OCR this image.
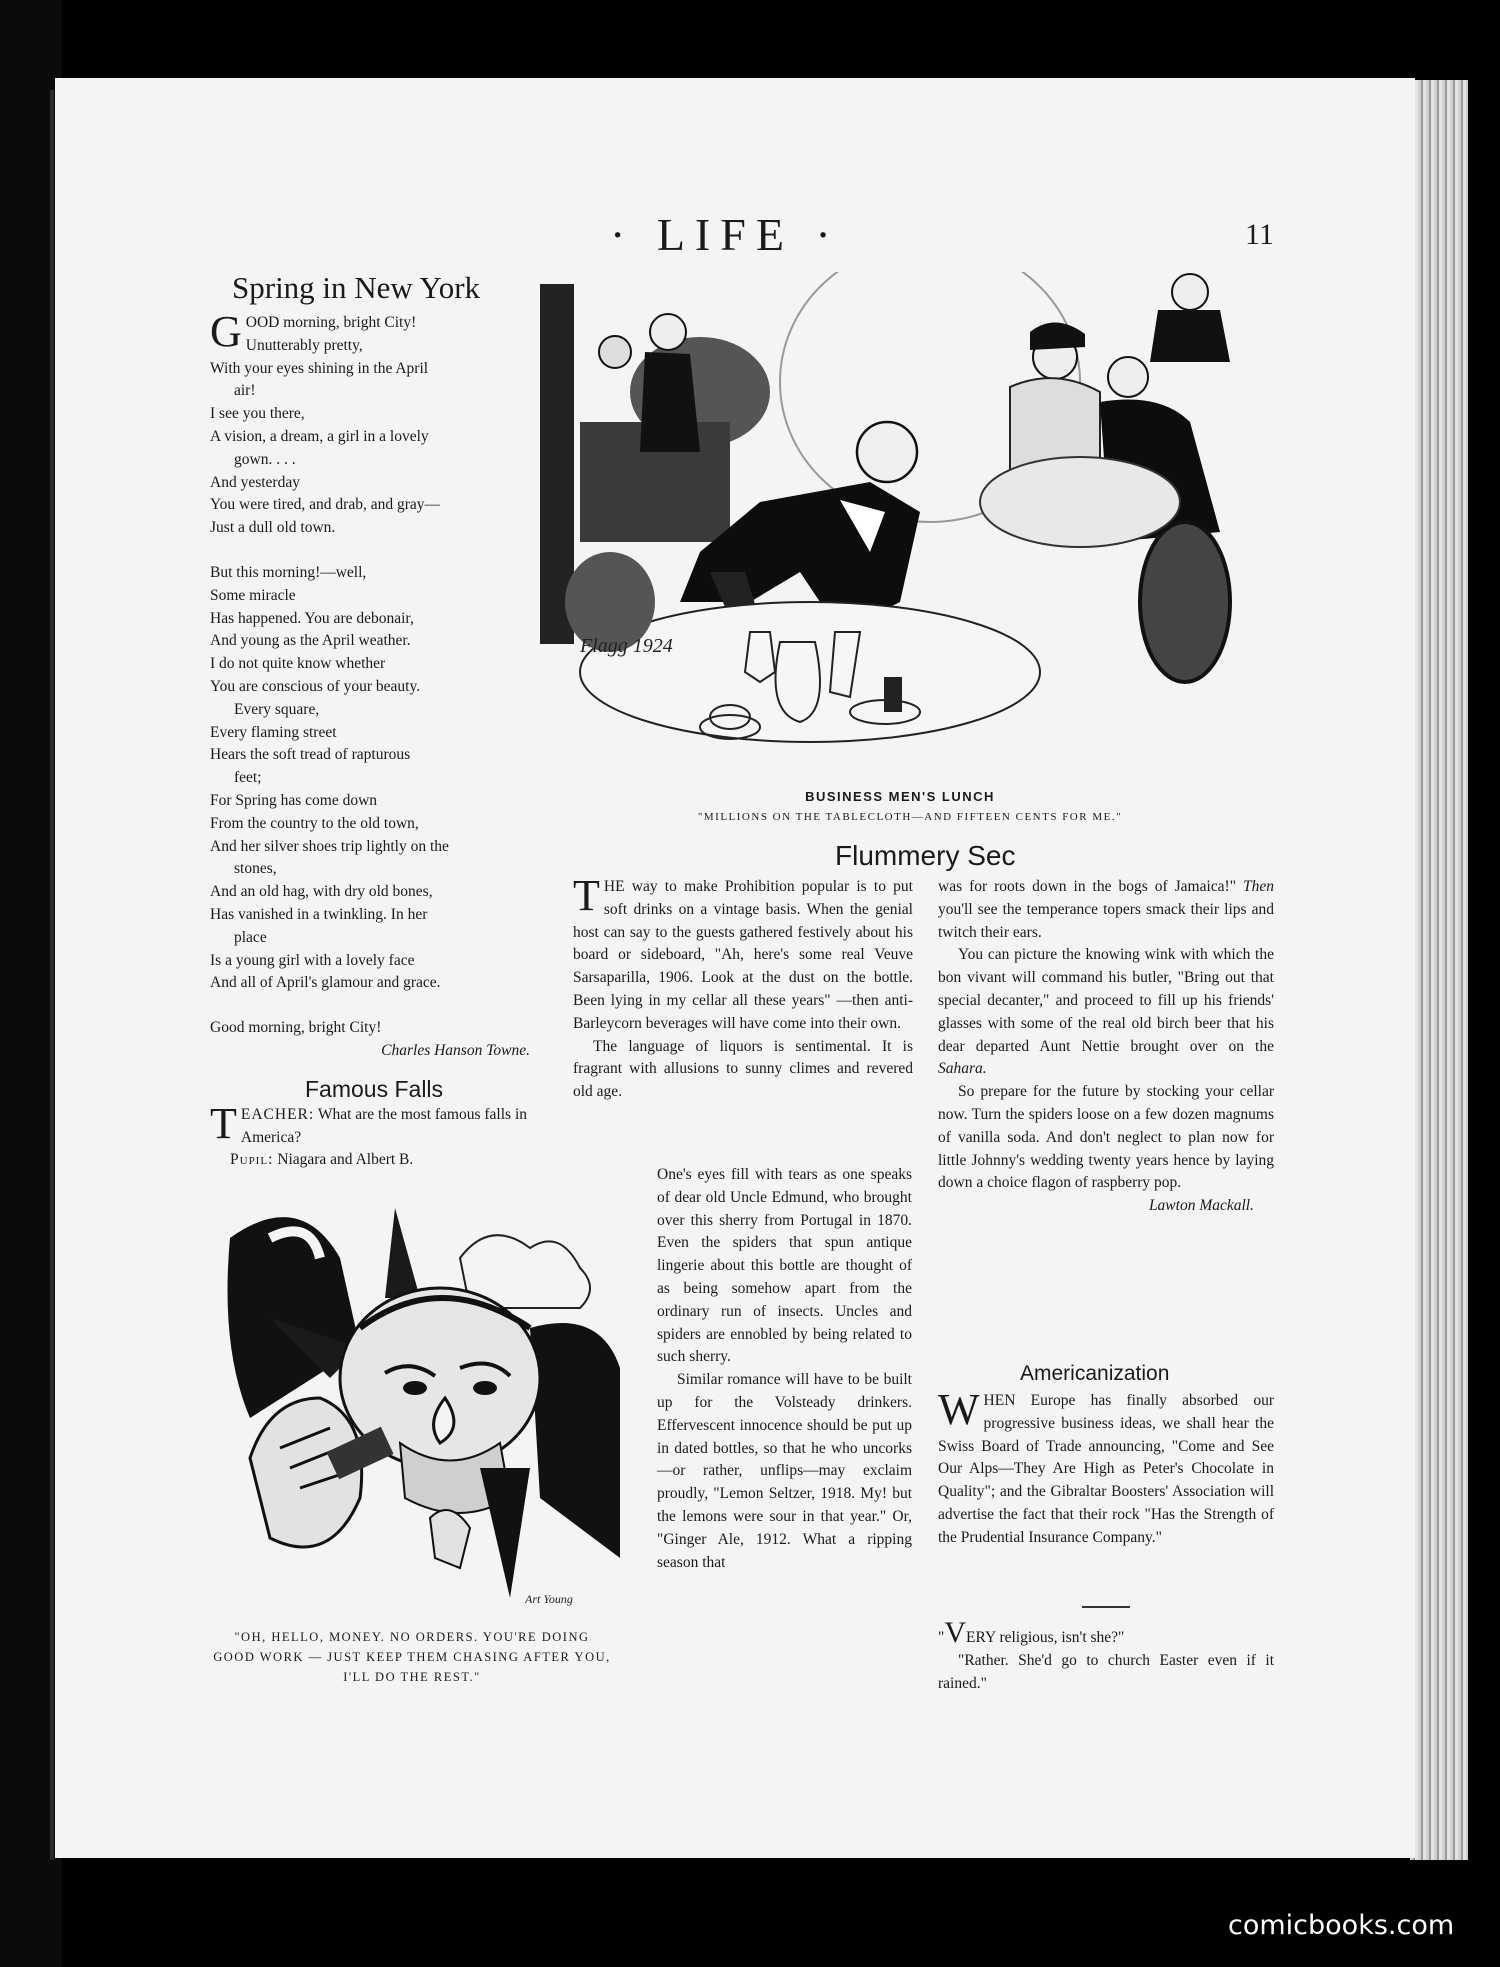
· LIFE ·	11
Spring in New York
G OOD morning, bright City!
Unutterably pretty,
With your eyes shining in the April
air!
I see you there,
A vision, a dream, a girl in a lovely
gown. . . .
And yesterday
You were tired, and drab, and gray—
Just a dull old town.
But this morning!—well,
Some miracle
Has happened. You are debonair,
And young as the April weather.
I do not quite know whether
You are conscious of your beauty.
Every square,
Every flaming street
Hears the soft tread of rapturous
feet;
For Spring has come down
From the country to the old town,
And her silver shoes trip lightly on the
stones,
And an old hag, with dry old bones,
Has vanished in a twinkling. In her
place
Is a young girl with a lovely face
And all of April's glamour and grace.
Good morning, bright City!
Charles Hanson Towne.
Famous Falls
T EACHER: What are the most famous falls in America?
Pupil: Niagara and Albert B.
Flagg 1924
BUSINESS MEN'S LUNCH
"MILLIONS ON THE TABLECLOTH—AND FIFTEEN CENTS FOR ME."
Art Young
"OH, HELLO, MONEY. NO ORDERS. YOU'RE DOING GOOD WORK — JUST KEEP THEM CHASING AFTER YOU, I'LL DO THE REST."
Flummery Sec

THE way to make Prohibition popular is to put soft drinks on a vintage basis. When the genial host can say to the guests gathered festively about his board or sideboard, "Ah, here's some real Veuve Sarsaparilla, 1906. Look at the dust on the bottle. Been lying in my cellar all these years" —then anti-Barleycorn beverages will have come into their own.

The language of liquors is sentimental. It is fragrant with allusions to sunny climes and revered old age.

One's eyes fill with tears as one speaks of dear old Uncle Edmund, who brought over this sherry from Portugal in 1870. Even the spiders that spun antique lingerie about this bottle are thought of as being somehow apart from the ordinary run of insects. Uncles and spiders are ennobled by being related to such sherry.

Similar romance will have to be built up for the Volsteady drinkers. Effervescent innocence should be put up in dated bottles, so that he who uncorks—or rather, unflips—may exclaim proudly, "Lemon Seltzer, 1918. My! but the lemons were sour in that year." Or, "Ginger Ale, 1912. What a ripping season that

was for roots down in the bogs of Jamaica!" Then you'll see the temperance topers smack their lips and twitch their ears.

You can picture the knowing wink with which the bon vivant will command his butler, "Bring out that special decanter," and proceed to fill up his friends' glasses with some of the real old birch beer that his dear departed Aunt Nettie brought over on the Sahara.

So prepare for the future by stocking your cellar now. Turn the spiders loose on a few dozen magnums of vanilla soda. And don't neglect to plan now for little Johnny's wedding twenty years hence by laying down a choice flagon of raspberry pop.

Lawton Mackall.

Americanization
WHEN Europe has finally absorbed our progressive business ideas, we shall hear the Swiss Board of Trade announcing, "Come and See Our Alps—They Are High as Peter's Chocolate in Quality"; and the Gibraltar Boosters' Association will advertise the fact that their rock "Has the Strength of the Prudential Insurance Company."

"VERY religious, isn't she?"

"Rather. She'd go to church Easter even if it rained."

comicbooks.com
